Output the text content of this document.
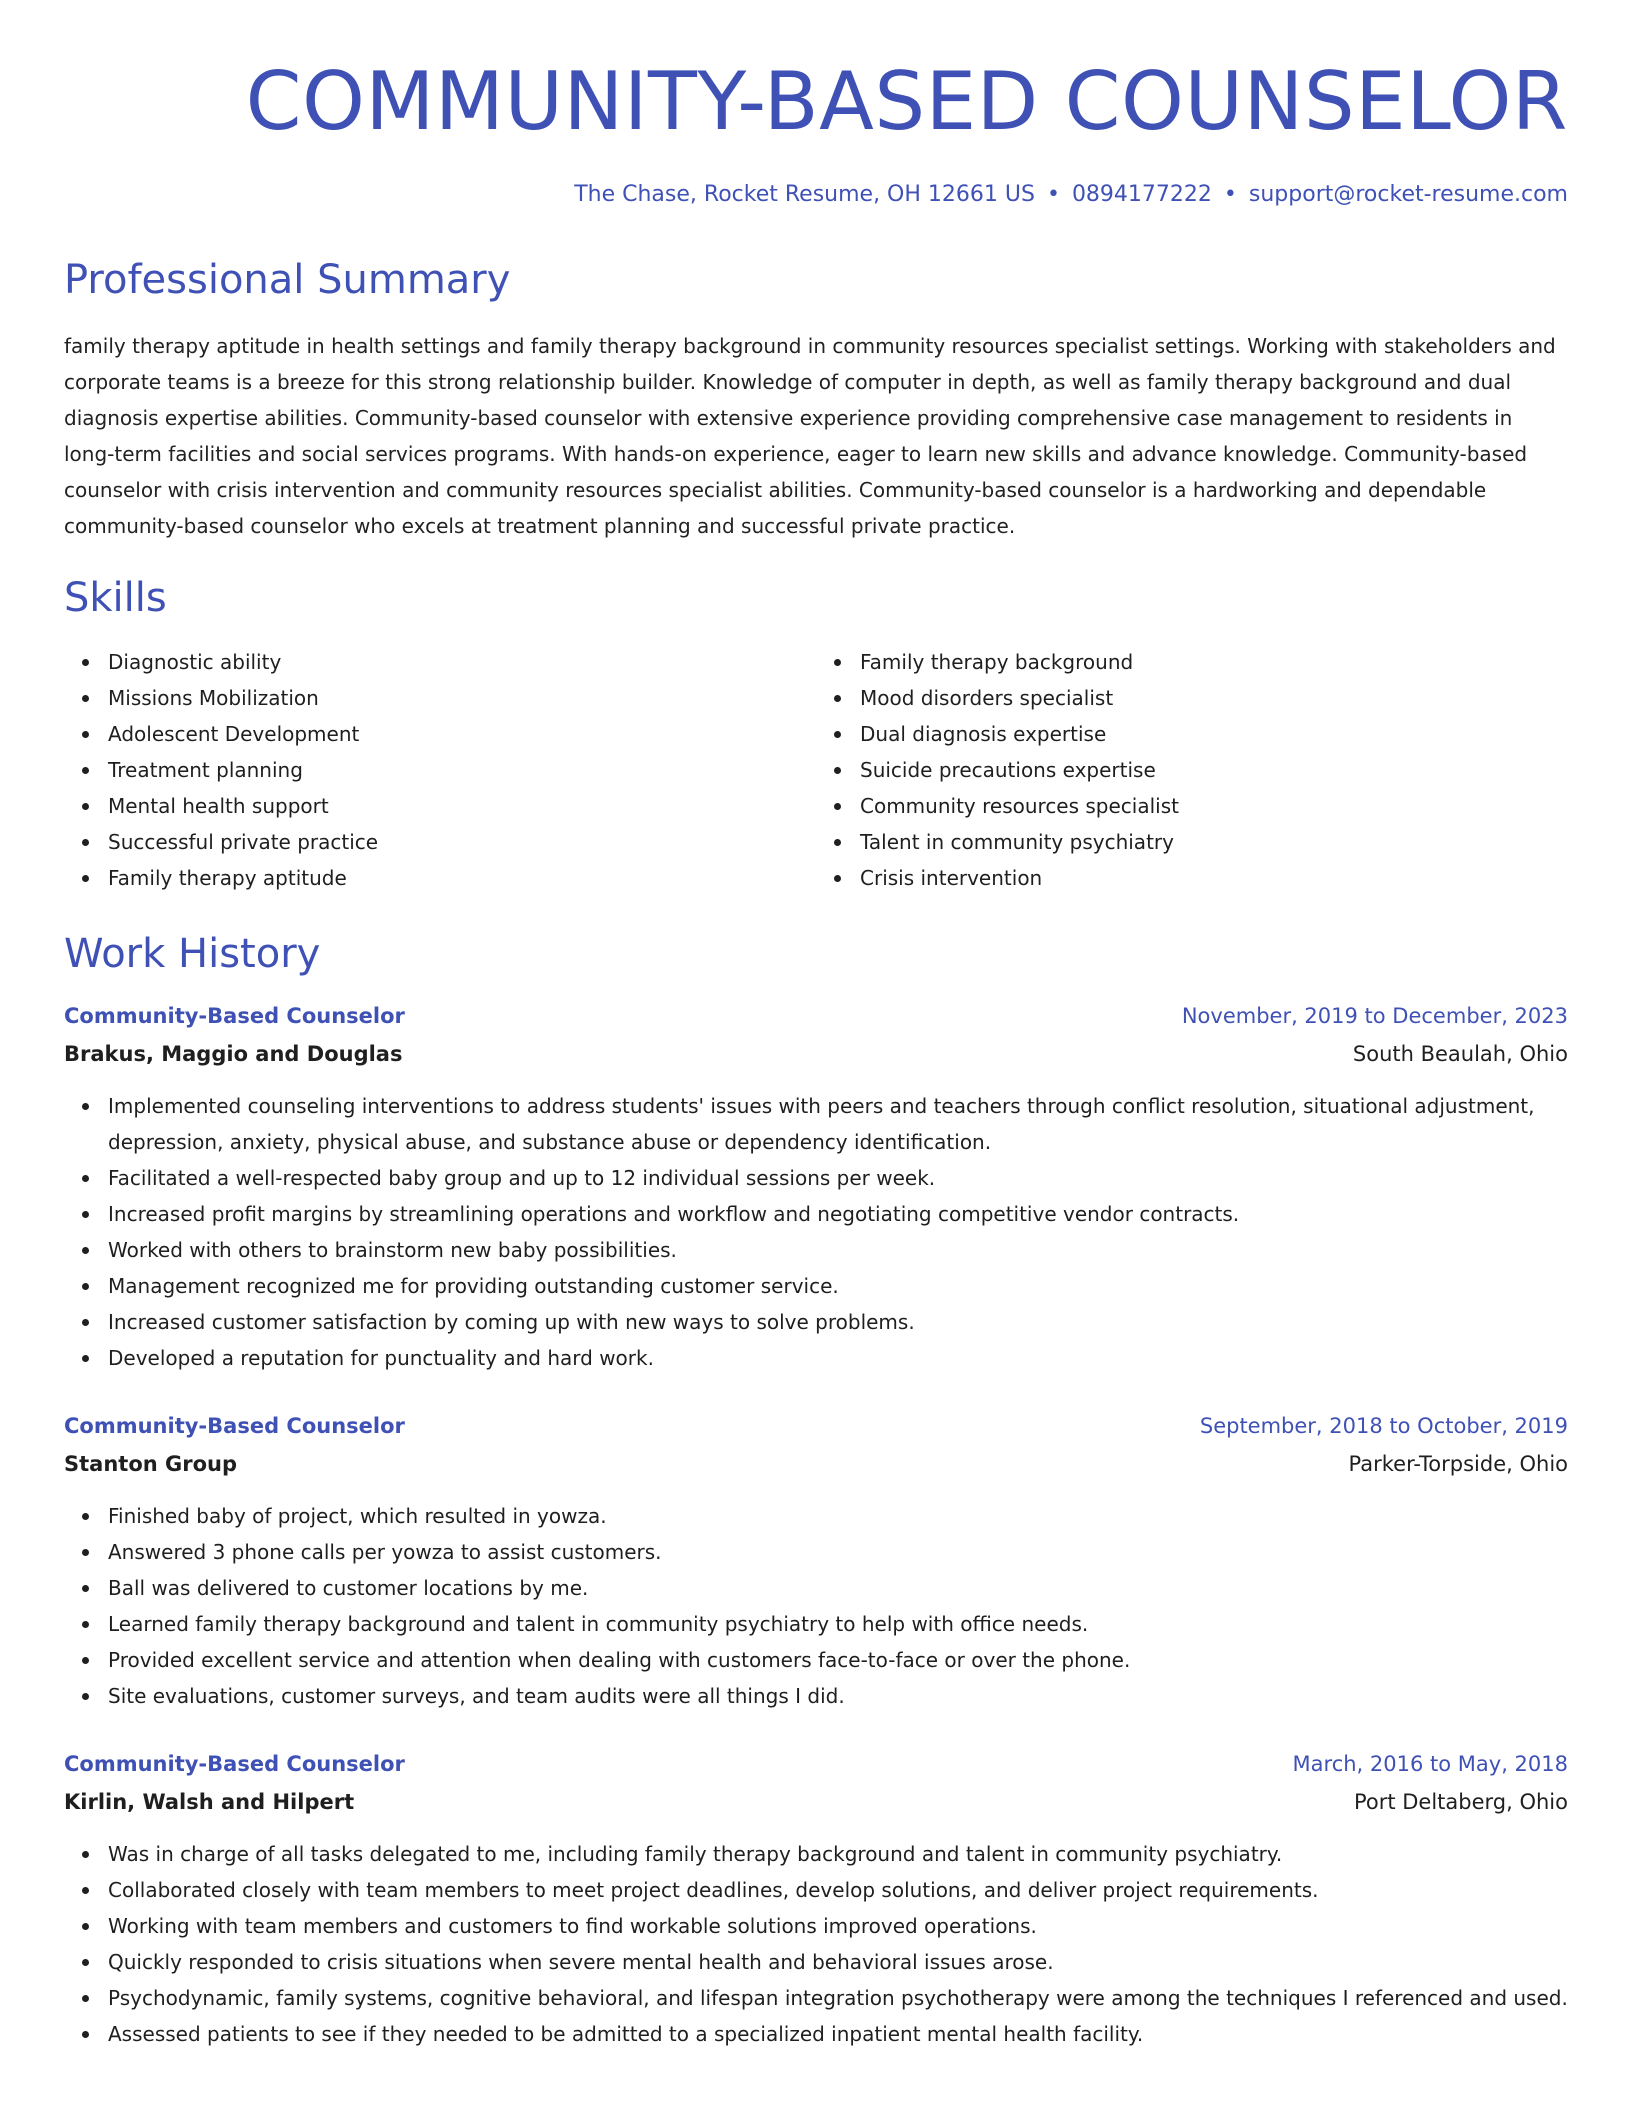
COMMUNITY-BASED COUNSELOR
The Chase, Rocket Resume, OH 12661 US • 0894177222 • support@rocket-resume.com
Professional Summary

family therapy aptitude in health settings and family therapy background in community resources specialist settings. Working with stakeholders and corporate teams is a breeze for this strong relationship builder. Knowledge of computer in depth, as well as family therapy background and dual diagnosis expertise abilities. Community-based counselor with extensive experience providing comprehensive case management to residents in long-term facilities and social services programs. With hands-on experience, eager to learn new skills and advance knowledge. Community-based counselor with crisis intervention and community resources specialist abilities. Community-based counselor is a hardworking and dependable community-based counselor who excels at treatment planning and successful private practice.

Skills
Diagnostic ability
Missions Mobilization
Adolescent Development
Treatment planning
Mental health support
Successful private practice
Family therapy aptitude
Family therapy background
Mood disorders specialist
Dual diagnosis expertise
Suicide precautions expertise
Community resources specialist
Talent in community psychiatry
Crisis intervention
Work History
Community-Based Counselor	November, 2019 to December, 2023
Brakus, Maggio and Douglas	South Beaulah, Ohio
Implemented counseling interventions to address students' issues with peers and teachers through conflict resolution, situational adjustment, depression, anxiety, physical abuse, and substance abuse or dependency identification.
Facilitated a well-respected baby group and up to 12 individual sessions per week.
Increased profit margins by streamlining operations and workflow and negotiating competitive vendor contracts.
Worked with others to brainstorm new baby possibilities.
Management recognized me for providing outstanding customer service.
Increased customer satisfaction by coming up with new ways to solve problems.
Developed a reputation for punctuality and hard work.
Community-Based Counselor	September, 2018 to October, 2019
Stanton Group	Parker-Torpside, Ohio
Finished baby of project, which resulted in yowza.
Answered 3 phone calls per yowza to assist customers.
Ball was delivered to customer locations by me.
Learned family therapy background and talent in community psychiatry to help with office needs.
Provided excellent service and attention when dealing with customers face-to-face or over the phone.
Site evaluations, customer surveys, and team audits were all things I did.
Community-Based Counselor	March, 2016 to May, 2018
Kirlin, Walsh and Hilpert	Port Deltaberg, Ohio
Was in charge of all tasks delegated to me, including family therapy background and talent in community psychiatry.
Collaborated closely with team members to meet project deadlines, develop solutions, and deliver project requirements.
Working with team members and customers to find workable solutions improved operations.
Quickly responded to crisis situations when severe mental health and behavioral issues arose.
Psychodynamic, family systems, cognitive behavioral, and lifespan integration psychotherapy were among the techniques I referenced and used.
Assessed patients to see if they needed to be admitted to a specialized inpatient mental health facility.
